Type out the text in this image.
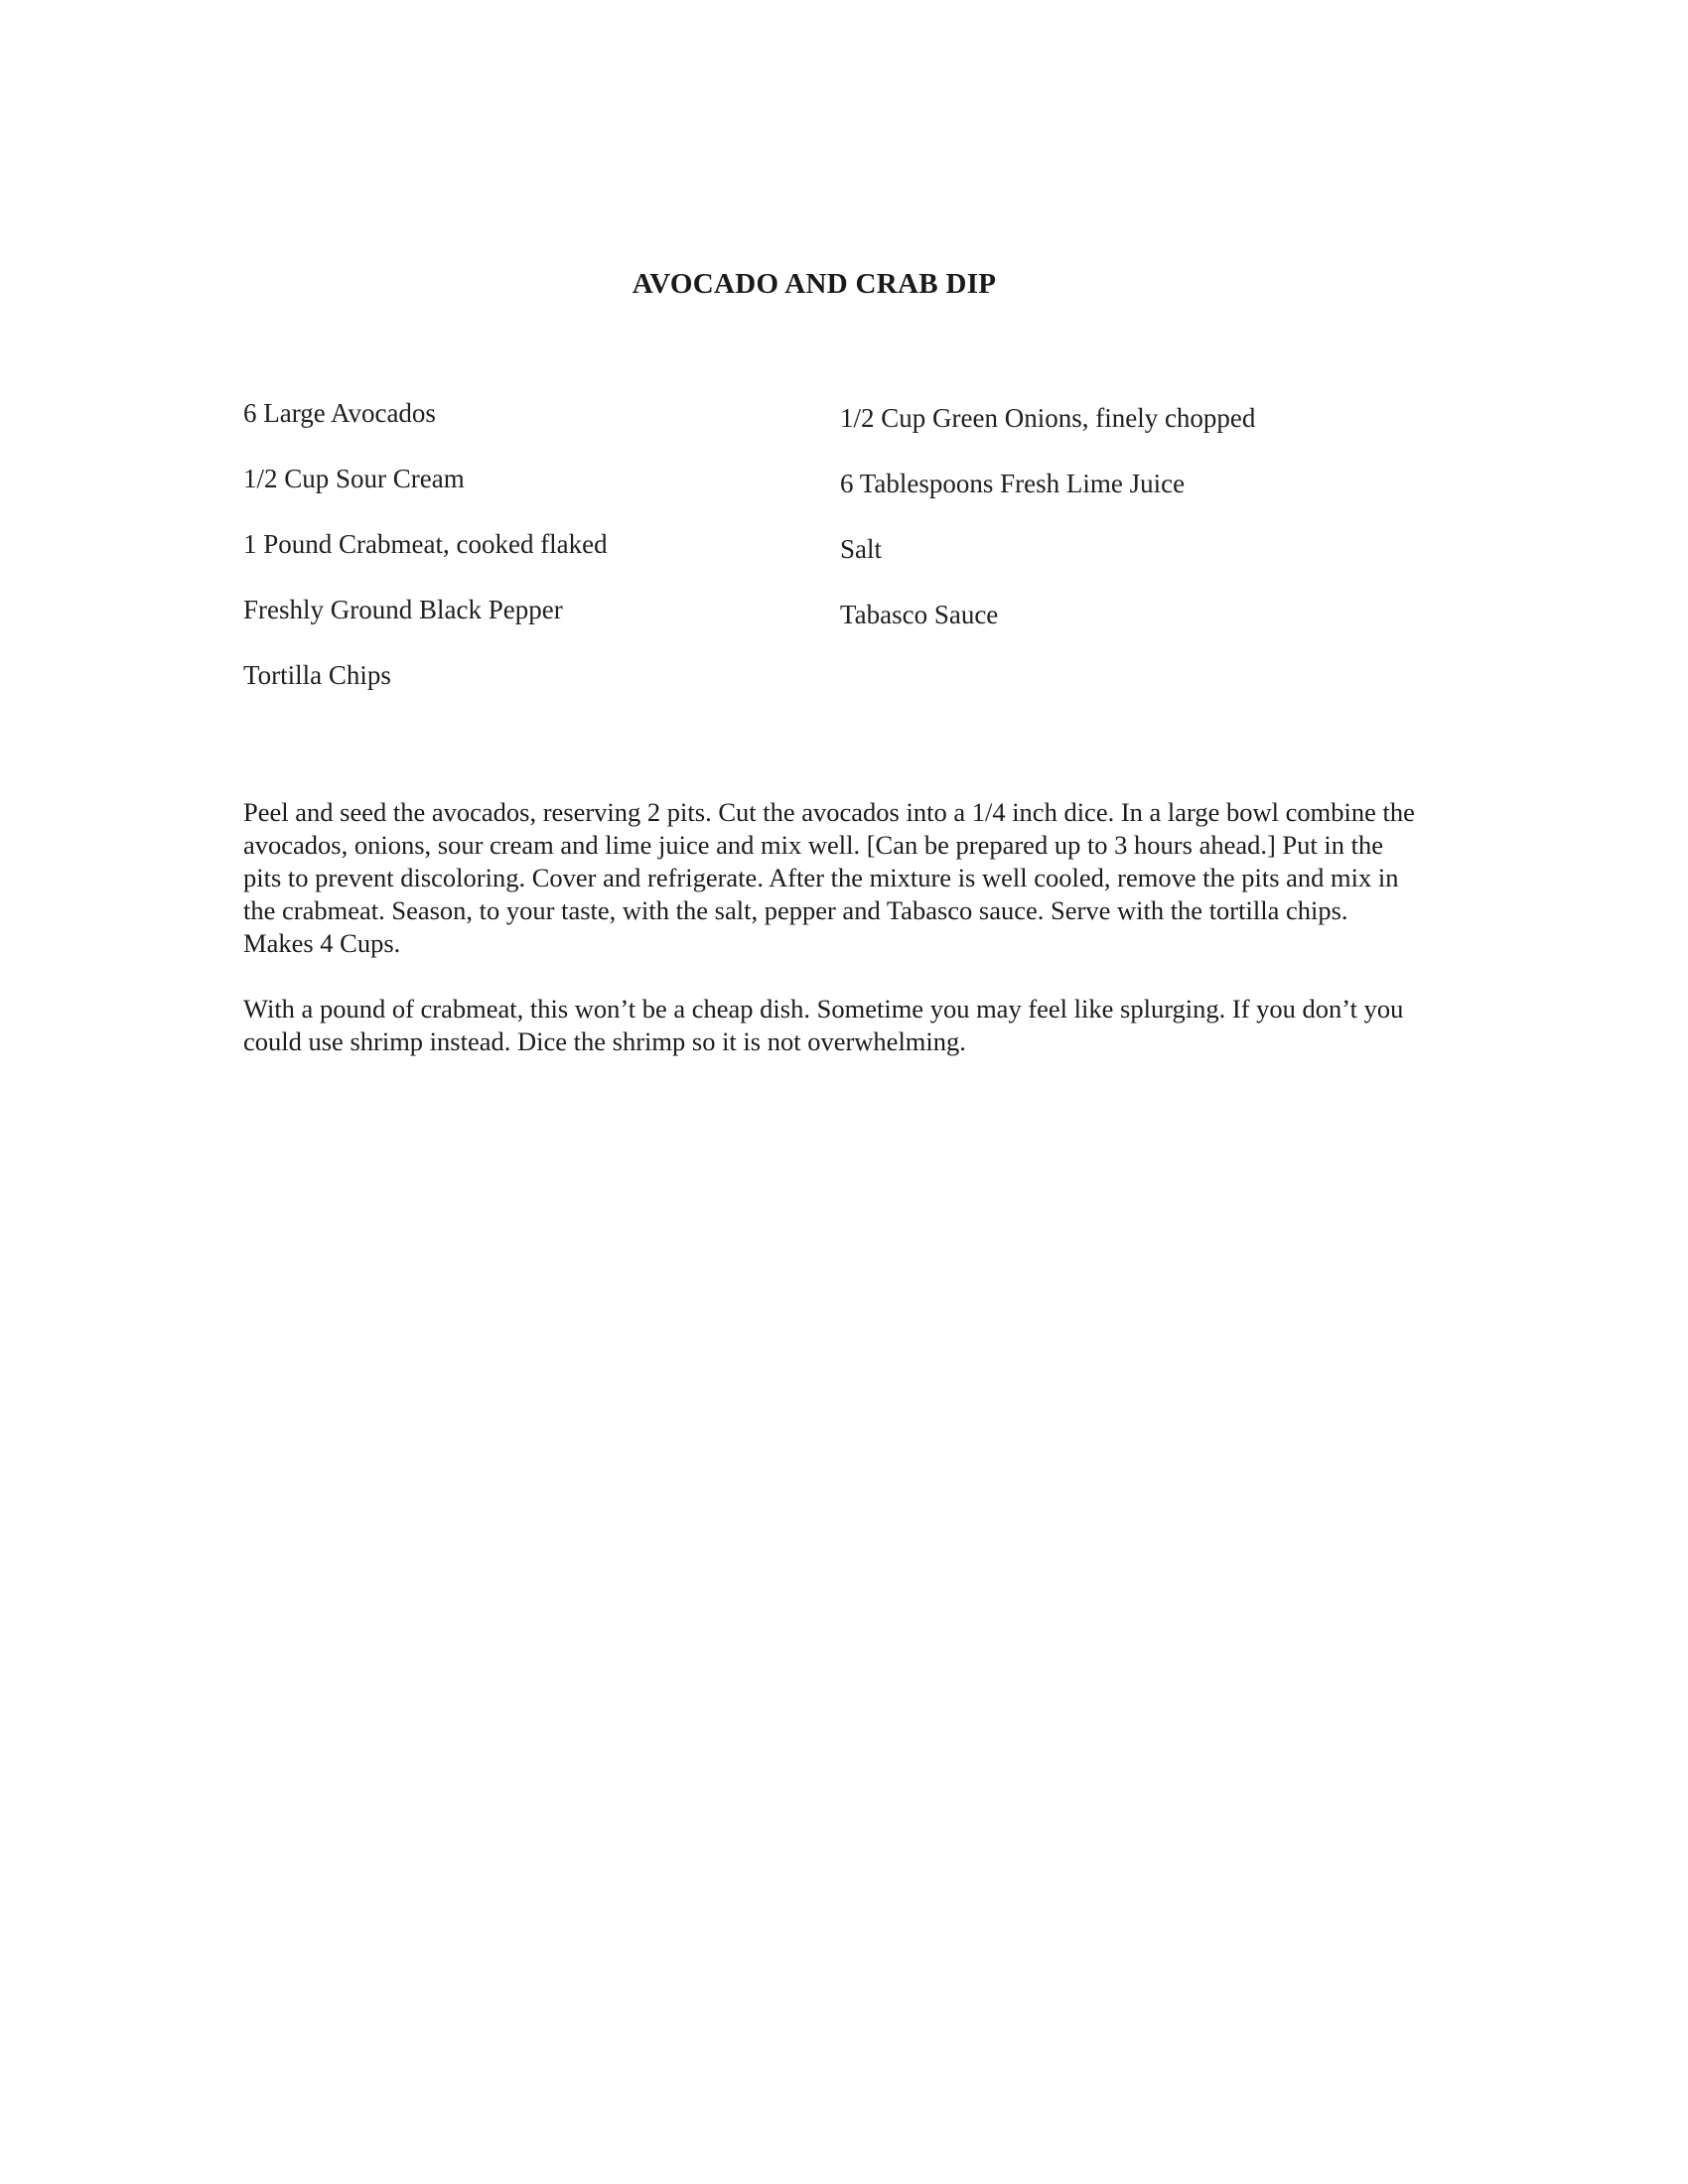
AVOCADO AND CRAB DIP
6 Large Avocados
1/2 Cup Sour Cream
1 Pound Crabmeat, cooked flaked
Freshly Ground Black Pepper
Tortilla Chips
1/2 Cup Green Onions, finely chopped
6 Tablespoons Fresh Lime Juice
Salt
Tabasco Sauce

Peel and seed the avocados, reserving 2 pits. Cut the avocados into a 1/4 inch dice. In a large bowl combine the avocados, onions, sour cream and lime juice and mix well. [Can be prepared up to 3 hours ahead.] Put in the pits to prevent discoloring. Cover and refrigerate. After the mixture is well cooled, remove the pits and mix in the crabmeat. Season, to your taste, with the salt, pepper and Tabasco sauce. Serve with the tortilla chips. Makes 4 Cups.

With a pound of crabmeat, this won’t be a cheap dish. Sometime you may feel like splurging. If you don’t you could use shrimp instead. Dice the shrimp so it is not overwhelming.
